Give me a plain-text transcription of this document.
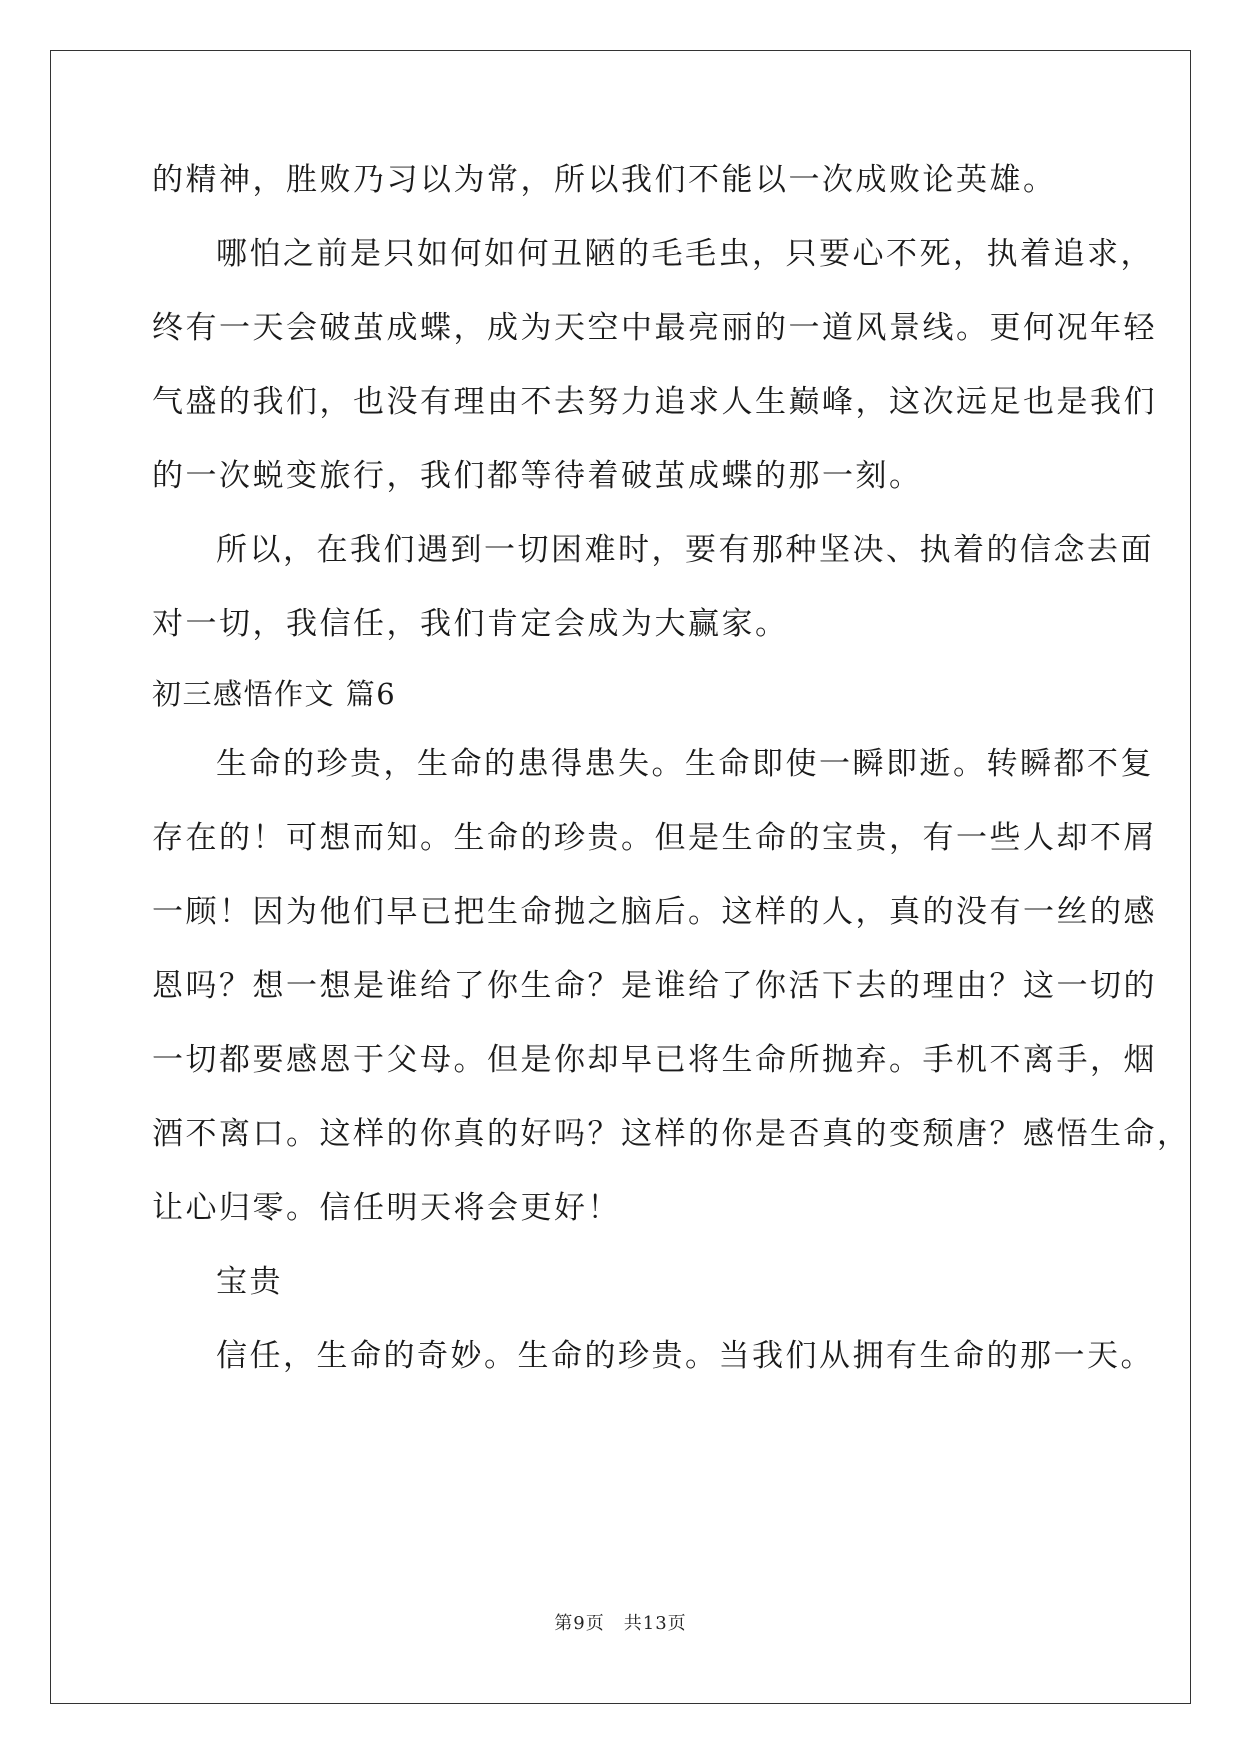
的精神，胜败乃习以为常，所以我们不能以一次成败论英雄。
哪怕之前是只如何如何丑陋的毛毛虫，只要心不死，执着追求，
终有一天会破茧成蝶，成为天空中最亮丽的一道风景线。更何况年轻
气盛的我们，也没有理由不去努力追求人生巅峰，这次远足也是我们
的一次蜕变旅行，我们都等待着破茧成蝶的那一刻。
所以，在我们遇到一切困难时，要有那种坚决、执着的信念去面
对一切，我信任，我们肯定会成为大赢家。
初三感悟作文 篇6
生命的珍贵，生命的患得患失。生命即使一瞬即逝。转瞬都不复
存在的！可想而知。生命的珍贵。但是生命的宝贵，有一些人却不屑
一顾！因为他们早已把生命抛之脑后。这样的人，真的没有一丝的感
恩吗？想一想是谁给了你生命？是谁给了你活下去的理由？这一切的
一切都要感恩于父母。但是你却早已将生命所抛弃。手机不离手，烟
酒不离口。这样的你真的好吗？这样的你是否真的变颓唐？感悟生命，
让心归零。信任明天将会更好！
宝贵
信任，生命的奇妙。生命的珍贵。当我们从拥有生命的那一天。
第9页　共13页
